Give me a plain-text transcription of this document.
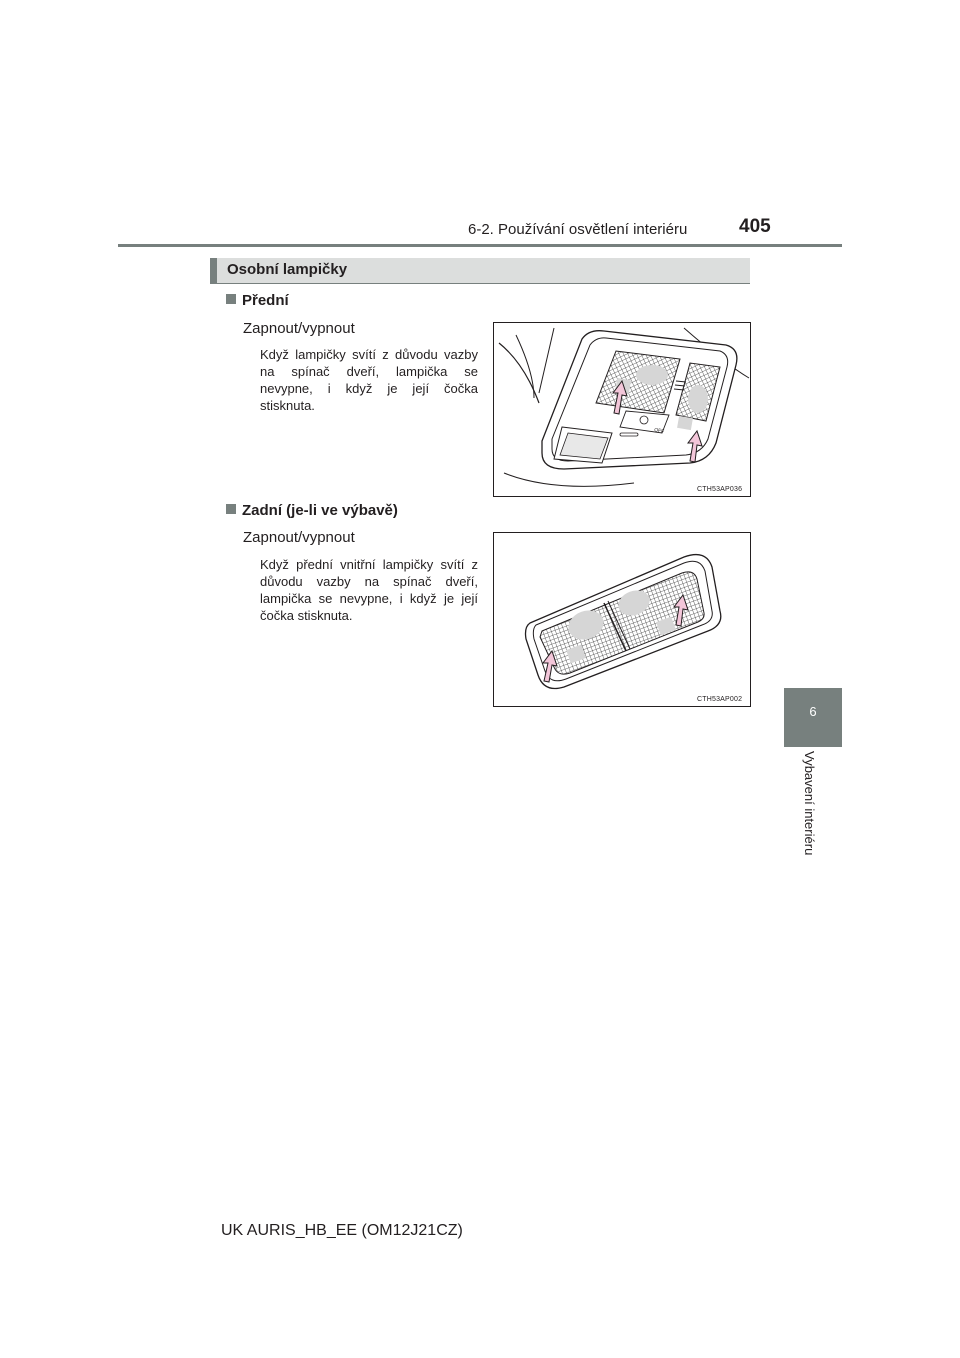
6-2. Používání osvětlení interiéru	405
6
Vybavení interiéru
Osobní lampičky
Přední
Zapnout/vypnout
Když lampičky svítí z důvodu vazby na spínač dveří, lampička se nevypne, i když je její čočka stisknuta.
OFF
CTH53AP036
Zadní (je-li ve výbavě)
Zapnout/vypnout
Když přední vnitřní lampičky svítí z důvodu vazby na spínač dveří, lampička se nevypne, i když je její čočka stisknuta.
CTH53AP002
UK AURIS_HB_EE (OM12J21CZ)
